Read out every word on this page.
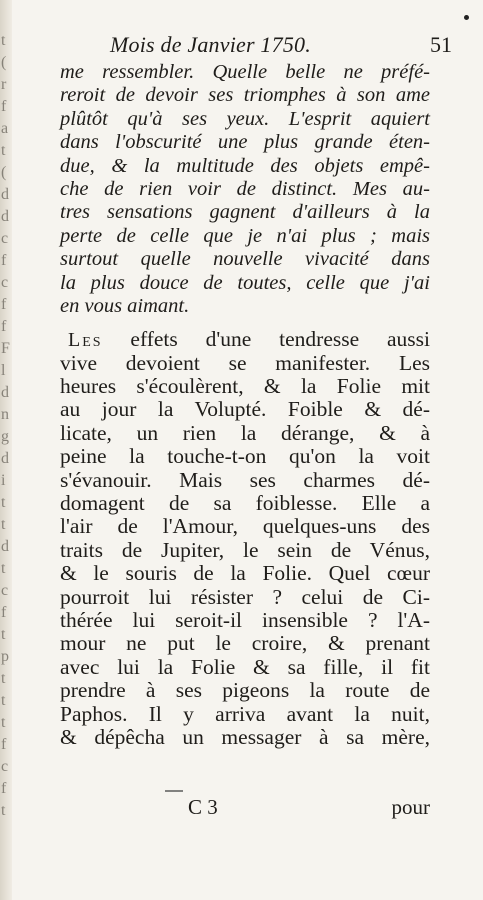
t
(
r
f
a
t
(
d
d
c
f
c
f
f
F
l
d
n
g
d
i
t
t
d
t
c
f
t
p
t
t
t
f
c
f
t
Mois de Janvier 1750.	51
me ressembler. Quelle belle ne préfé-
reroit de devoir ses triomphes à son ame
plûtôt qu'à ses yeux. L'esprit aquiert
dans l'obscurité une plus grande éten-
due, & la multitude des objets empê-
che de rien voir de distinct. Mes au-
tres sensations gagnent d'ailleurs à la
perte de celle que je n'ai plus ; mais
surtout quelle nouvelle vivacité dans
la plus douce de toutes, celle que j'ai
en vous aimant.
Les effets d'une tendresse aussi
vive devoient se manifester. Les
heures s'écoulèrent, & la Folie mit
au jour la Volupté. Foible & dé-
licate, un rien la dérange, & à
peine la touche-t-on qu'on la voit
s'évanouir. Mais ses charmes dé-
domagent de sa foiblesse. Elle a
l'air de l'Amour, quelques-uns des
traits de Jupiter, le sein de Vénus,
& le souris de la Folie. Quel cœur
pourroit lui résister ? celui de Ci-
thérée lui seroit-il insensible ? l'A-
mour ne put le croire, & prenant
avec lui la Folie & sa fille, il fit
prendre à ses pigeons la route de
Paphos. Il y arriva avant la nuit,
& dépêcha un messager à sa mère,
C 3	pour
